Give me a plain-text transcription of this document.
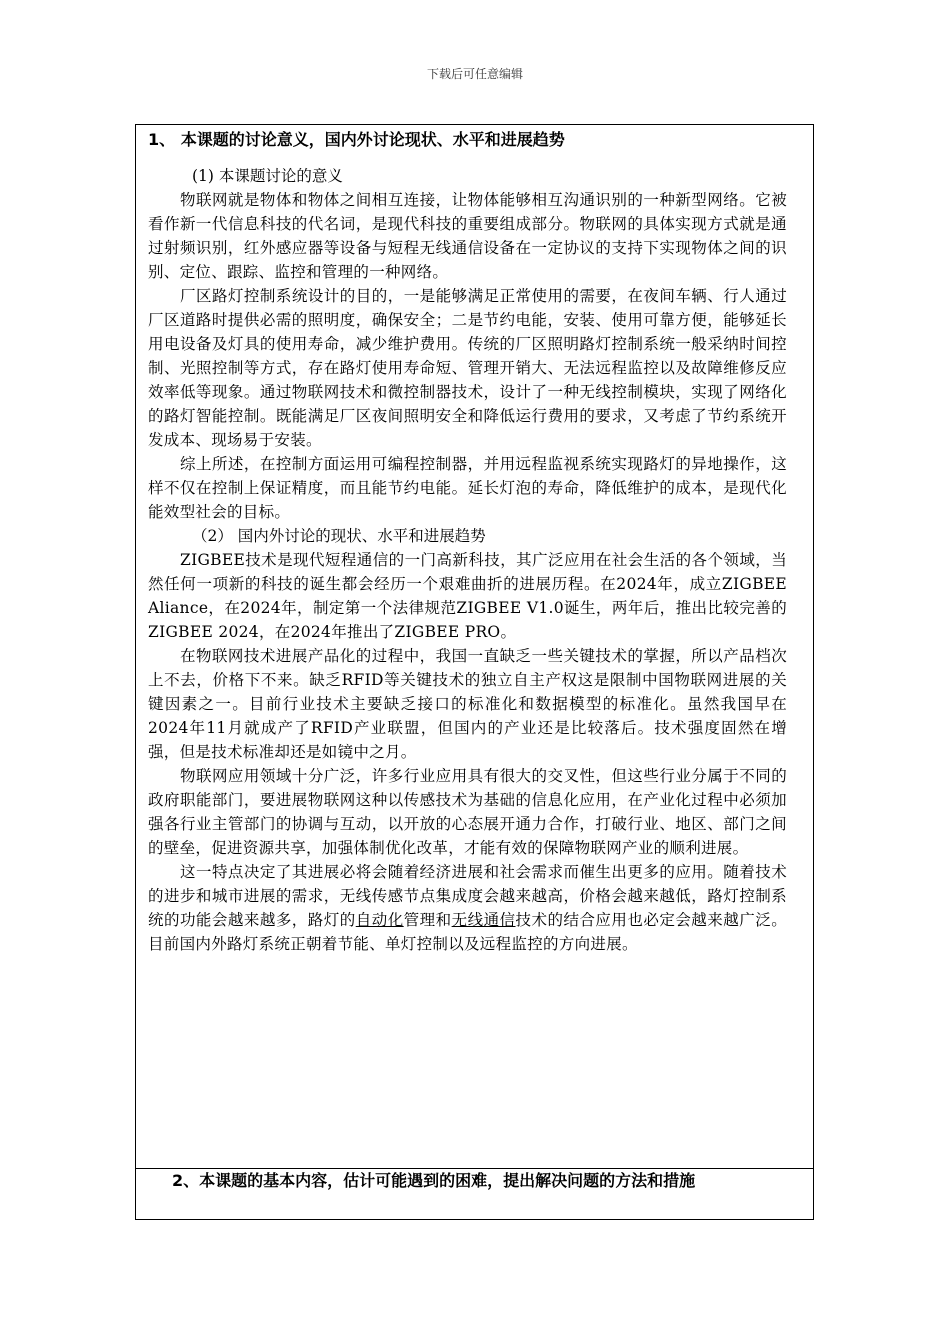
下载后可任意编辑

1、 本课题的讨论意义，国内外讨论现状、水平和进展趋势

(1) 本课题讨论的意义

物联网就是物体和物体之间相互连接，让物体能够相互沟通识别的一种新型网络。它被看作新一代信息科技的代名词，是现代科技的重要组成部分。物联网的具体实现方式就是通过射频识别，红外感应器等设备与短程无线通信设备在一定协议的支持下实现物体之间的识别、定位、跟踪、监控和管理的一种网络。

厂区路灯控制系统设计的目的，一是能够满足正常使用的需要，在夜间车辆、行人通过厂区道路时提供必需的照明度，确保安全；二是节约电能，安装、使用可靠方便，能够延长用电设备及灯具的使用寿命，减少维护费用。传统的厂区照明路灯控制系统一般采纳时间控制、光照控制等方式，存在路灯使用寿命短、管理开销大、无法远程监控以及故障维修反应效率低等现象。通过物联网技术和微控制器技术，设计了一种无线控制模块，实现了网络化的路灯智能控制。既能满足厂区夜间照明安全和降低运行费用的要求，又考虑了节约系统开发成本、现场易于安装。

综上所述，在控制方面运用可编程控制器，并用远程监视系统实现路灯的异地操作，这样不仅在控制上保证精度，而且能节约电能。延长灯泡的寿命，降低维护的成本，是现代化能效型社会的目标。

（2） 国内外讨论的现状、水平和进展趋势

ZIGBEE技术是现代短程通信的一门高新科技，其广泛应用在社会生活的各个领域，当然任何一项新的科技的诞生都会经历一个艰难曲折的进展历程。在2024年，成立ZIGBEE Aliance，在2024年，制定第一个法律规范ZIGBEE V1.0诞生，两年后，推出比较完善的ZIGBEE 2024，在2024年推出了ZIGBEE PRO。

在物联网技术进展产品化的过程中，我国一直缺乏一些关键技术的掌握，所以产品档次上不去，价格下不来。缺乏RFID等关键技术的独立自主产权这是限制中国物联网进展的关键因素之一。目前行业技术主要缺乏接口的标准化和数据模型的标准化。虽然我国早在2024年11月就成产了RFID产业联盟，但国内的产业还是比较落后。技术强度固然在增强，但是技术标准却还是如镜中之月。

物联网应用领域十分广泛，许多行业应用具有很大的交叉性，但这些行业分属于不同的政府职能部门，要进展物联网这种以传感技术为基础的信息化应用，在产业化过程中必须加强各行业主管部门的协调与互动，以开放的心态展开通力合作，打破行业、地区、部门之间的壁垒，促进资源共享，加强体制优化改革，才能有效的保障物联网产业的顺利进展。

这一特点决定了其进展必将会随着经济进展和社会需求而催生出更多的应用。随着技术的进步和城市进展的需求，无线传感节点集成度会越来越高，价格会越来越低，路灯控制系统的功能会越来越多，路灯的自动化管理和无线通信技术的结合应用也必定会越来越广泛。目前国内外路灯系统正朝着节能、单灯控制以及远程监控的方向进展。

2、本课题的基本内容，估计可能遇到的困难，提出解决问题的方法和措施
